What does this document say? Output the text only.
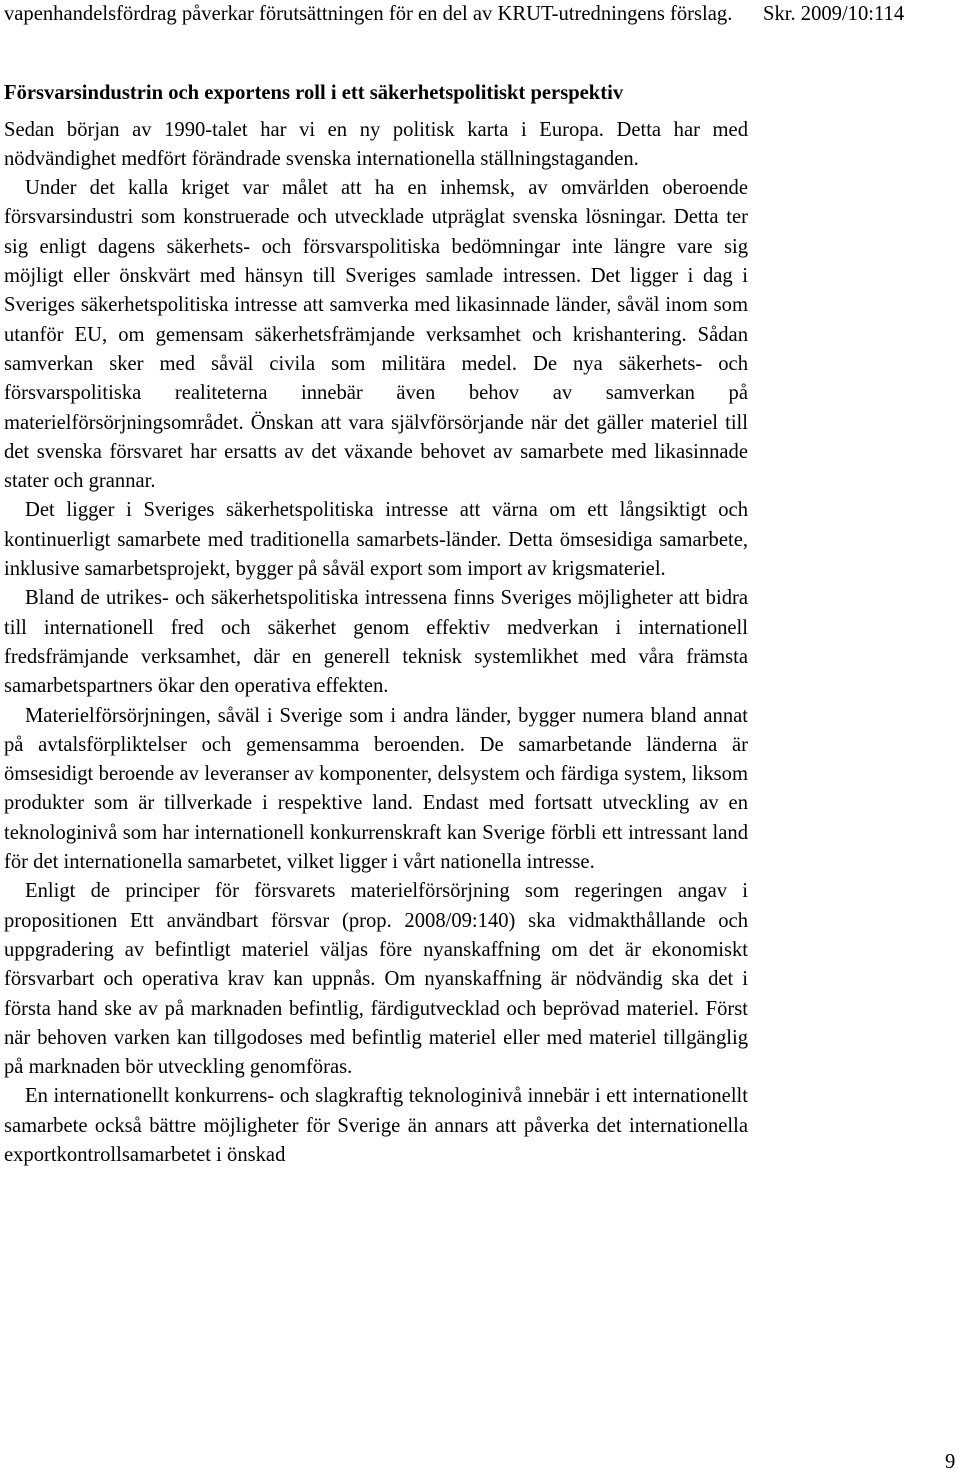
Skr. 2009/10:114

vapenhandelsfördrag påverkar förutsättningen för en del av KRUT-utredningens förslag.

Försvarsindustrin och exportens roll i ett säkerhetspolitiskt perspektiv

Sedan början av 1990-talet har vi en ny politisk karta i Europa. Detta har med nödvändighet medfört förändrade svenska internationella ställningstaganden.

Under det kalla kriget var målet att ha en inhemsk, av omvärlden oberoende försvarsindustri som konstruerade och utvecklade utpräglat svenska lösningar. Detta ter sig enligt dagens säkerhets- och försvarspolitiska bedömningar inte längre vare sig möjligt eller önskvärt med hänsyn till Sveriges samlade intressen. Det ligger i dag i Sveriges säkerhetspolitiska intresse att samverka med likasinnade länder, såväl inom som utanför EU, om gemensam säkerhetsfrämjande verksamhet och krishantering. Sådan samverkan sker med såväl civila som militära medel. De nya säkerhets- och försvarspolitiska realiteterna innebär även behov av samverkan på materielförsörjningsområdet. Önskan att vara självförsörjande när det gäller materiel till det svenska försvaret har ersatts av det växande behovet av samarbete med likasinnade stater och grannar.

Det ligger i Sveriges säkerhetspolitiska intresse att värna om ett långsiktigt och kontinuerligt samarbete med traditionella samarbets-länder. Detta ömsesidiga samarbete, inklusive samarbetsprojekt, bygger på såväl export som import av krigsmateriel.

Bland de utrikes- och säkerhetspolitiska intressena finns Sveriges möjligheter att bidra till internationell fred och säkerhet genom effektiv medverkan i internationell fredsfrämjande verksamhet, där en generell teknisk systemlikhet med våra främsta samarbetspartners ökar den operativa effekten.

Materielförsörjningen, såväl i Sverige som i andra länder, bygger numera bland annat på avtalsförpliktelser och gemensamma beroenden. De samarbetande länderna är ömsesidigt beroende av leveranser av komponenter, delsystem och färdiga system, liksom produkter som är tillverkade i respektive land. Endast med fortsatt utveckling av en teknologinivå som har internationell konkurrenskraft kan Sverige förbli ett intressant land för det internationella samarbetet, vilket ligger i vårt nationella intresse.

Enligt de principer för försvarets materielförsörjning som regeringen angav i propositionen Ett användbart försvar (prop. 2008/09:140) ska vidmakthållande och uppgradering av befintligt materiel väljas före nyanskaffning om det är ekonomiskt försvarbart och operativa krav kan uppnås. Om nyanskaffning är nödvändig ska det i första hand ske av på marknaden befintlig, färdigutvecklad och beprövad materiel. Först när behoven varken kan tillgodoses med befintlig materiel eller med materiel tillgänglig på marknaden bör utveckling genomföras.

En internationellt konkurrens- och slagkraftig teknologinivå innebär i ett internationellt samarbete också bättre möjligheter för Sverige än annars att påverka det internationella exportkontrollsamarbetet i önskad

9
